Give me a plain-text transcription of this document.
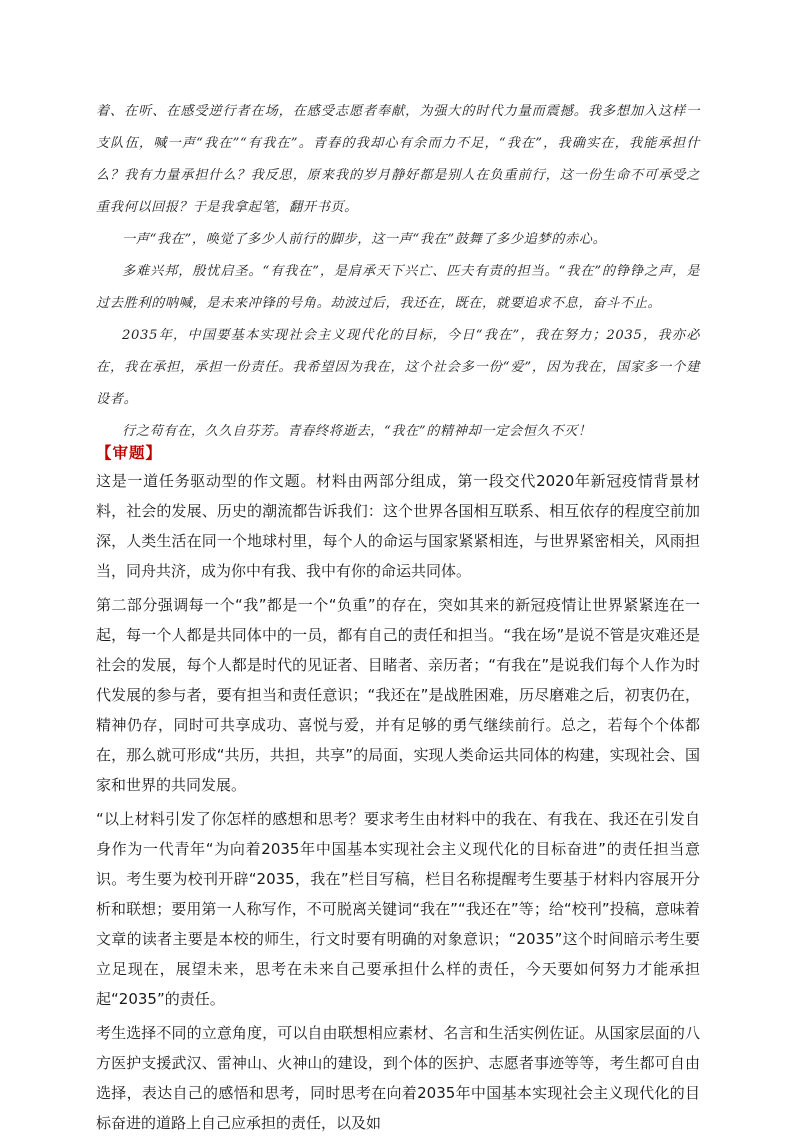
着、在听、在感受逆行者在场，在感受志愿者奉献，为强大的时代力量而震撼。我多想加入这样一支队伍，喊一声“我在”“有我在”。青春的我却心有余而力不足，“我在”，我确实在，我能承担什么？我有力量承担什么？我反思，原来我的岁月静好都是别人在负重前行，这一份生命不可承受之重我何以回报？于是我拿起笔，翻开书页。

一声“我在”，唤觉了多少人前行的脚步，这一声“我在”鼓舞了多少追梦的赤心。

多难兴邦，殷忧启圣。“有我在”，是肩承天下兴亡、匹夫有责的担当。“我在”的铮铮之声，是过去胜利的呐喊，是未来冲锋的号角。劫波过后，我还在，既在，就要追求不息，奋斗不止。

2035年，中国要基本实现社会主义现代化的目标，今日“我在”，我在努力；2035，我亦必在，我在承担，承担一份责任。我希望因为我在，这个社会多一份“爱”，因为我在，国家多一个建设者。

行之苟有在，久久自芬芳。青春终将逝去，“我在”的精神却一定会恒久不灭！

【审题】

这是一道任务驱动型的作文题。材料由两部分组成，第一段交代2020年新冠疫情背景材料，社会的发展、历史的潮流都告诉我们：这个世界各国相互联系、相互依存的程度空前加深，人类生活在同一个地球村里，每个人的命运与国家紧紧相连，与世界紧密相关，风雨担当，同舟共济，成为你中有我、我中有你的命运共同体。

第二部分强调每一个“我”都是一个“负重”的存在，突如其来的新冠疫情让世界紧紧连在一起，每一个人都是共同体中的一员，都有自己的责任和担当。“我在场”是说不管是灾难还是社会的发展，每个人都是时代的见证者、目睹者、亲历者；“有我在”是说我们每个人作为时代发展的参与者，要有担当和责任意识；“我还在”是战胜困难，历尽磨难之后，初衷仍在，精神仍存，同时可共享成功、喜悦与爱，并有足够的勇气继续前行。总之，若每个个体都在，那么就可形成“共历，共担，共享”的局面，实现人类命运共同体的构建，实现社会、国家和世界的共同发展。

“以上材料引发了你怎样的感想和思考？要求考生由材料中的我在、有我在、我还在引发自身作为一代青年“为向着2035年中国基本实现社会主义现代化的目标奋进”的责任担当意识。考生要为校刊开辟“2035，我在”栏目写稿，栏目名称提醒考生要基于材料内容展开分析和联想；要用第一人称写作，不可脱离关键词“我在”“我还在”等；给“校刊”投稿，意味着文章的读者主要是本校的师生，行文时要有明确的对象意识；“2035”这个时间暗示考生要立足现在，展望未来，思考在未来自己要承担什么样的责任，今天要如何努力才能承担起“2035”的责任。

考生选择不同的立意角度，可以自由联想相应素材、名言和生活实例佐证。从国家层面的八方医护支援武汉、雷神山、火神山的建设，到个体的医护、志愿者事迹等等，考生都可自由选择，表达自己的感悟和思考，同时思考在向着2035年中国基本实现社会主义现代化的目标奋进的道路上自己应承担的责任，以及如
